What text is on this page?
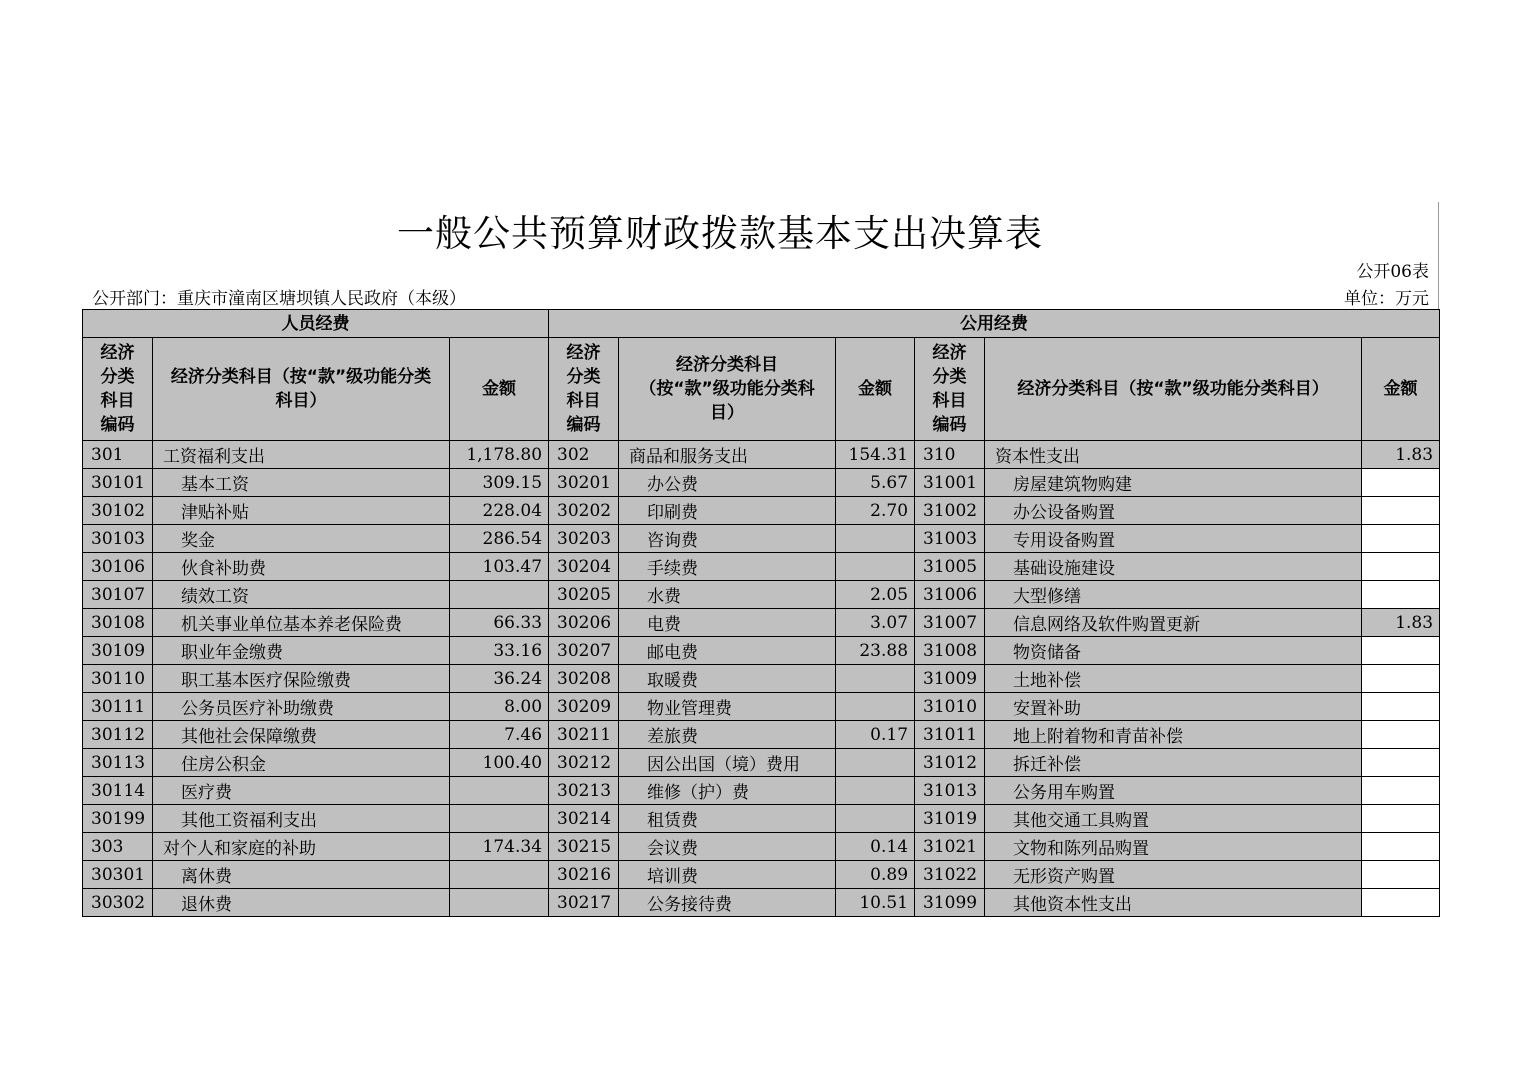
一般公共预算财政拨款基本支出决算表
公开06表
公开部门：重庆市潼南区塘坝镇人民政府（本级）	单位：万元
人员经费			公用经费					
经济分类科目编码	经济分类科目（按“款”级功能分类科目）	金额	经济分类科目编码	经济分类科目（按“款”级功能分类科目）	金额	经济分类科目编码	经济分类科目（按“款”级功能分类科目）	金额
301	工资福利支出	1,178.80	302	商品和服务支出	154.31	310	资本性支出	1.83
30101	基本工资	309.15	30201	办公费	5.67	31001	房屋建筑物购建	
30102	津贴补贴	228.04	30202	印刷费	2.70	31002	办公设备购置	
30103	奖金	286.54	30203	咨询费		31003	专用设备购置	
30106	伙食补助费	103.47	30204	手续费		31005	基础设施建设	
30107	绩效工资		30205	水费	2.05	31006	大型修缮	
30108	机关事业单位基本养老保险费	66.33	30206	电费	3.07	31007	信息网络及软件购置更新	1.83
30109	职业年金缴费	33.16	30207	邮电费	23.88	31008	物资储备	
30110	职工基本医疗保险缴费	36.24	30208	取暖费		31009	土地补偿	
30111	公务员医疗补助缴费	8.00	30209	物业管理费		31010	安置补助	
30112	其他社会保障缴费	7.46	30211	差旅费	0.17	31011	地上附着物和青苗补偿	
30113	住房公积金	100.40	30212	因公出国（境）费用		31012	拆迁补偿	
30114	医疗费		30213	维修（护）费		31013	公务用车购置	
30199	其他工资福利支出		30214	租赁费		31019	其他交通工具购置	
303	对个人和家庭的补助	174.34	30215	会议费	0.14	31021	文物和陈列品购置	
30301	离休费		30216	培训费	0.89	31022	无形资产购置	
30302	退休费		30217	公务接待费	10.51	31099	其他资本性支出	
